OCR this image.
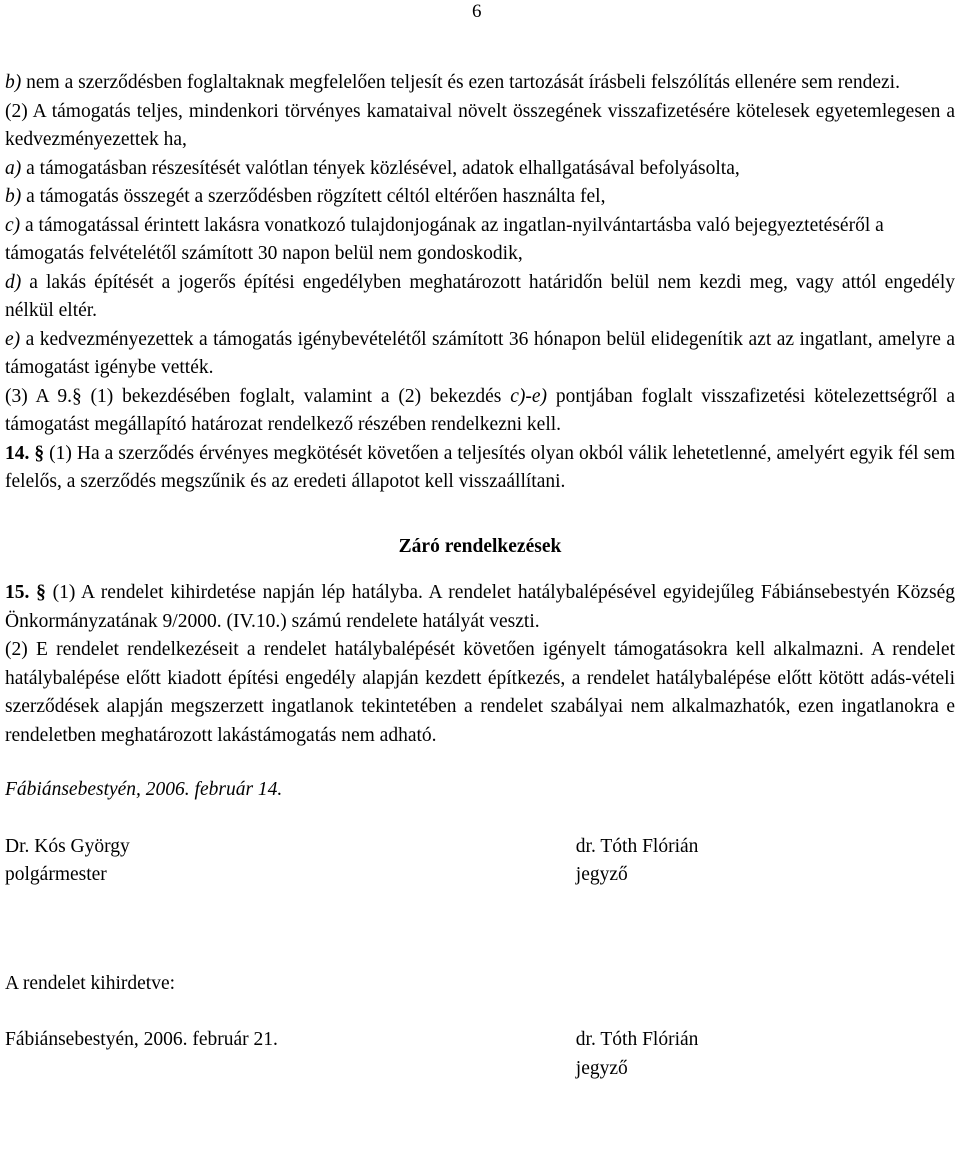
6

b) nem a szerződésben foglaltaknak megfelelően teljesít és ezen tartozását írásbeli felszólítás ellenére sem rendezi.

(2) A támogatás teljes, mindenkori törvényes kamataival növelt összegének visszafizetésére kötelesek egyetemlegesen a kedvezményezettek ha,

a) a támogatásban részesítését valótlan tények közlésével, adatok elhallgatásával befolyásolta,

b) a támogatás összegét a szerződésben rögzített céltól eltérően használta fel,

c) a támogatással érintett lakásra vonatkozó tulajdonjogának az ingatlan-nyilvántartásba való bejegyeztetéséről a támogatás felvételétől számított 30 napon belül nem gondoskodik,

d) a lakás építését a jogerős építési engedélyben meghatározott határidőn belül nem kezdi meg, vagy attól engedély nélkül eltér.

e) a kedvezményezettek a támogatás igénybevételétől számított 36 hónapon belül elidegenítik azt az ingatlant, amelyre a támogatást igénybe vették.

(3) A 9.§ (1) bekezdésében foglalt, valamint a (2) bekezdés c)-e) pontjában foglalt visszafizetési kötelezettségről a támogatást megállapító határozat rendelkező részében rendelkezni kell.

14. § (1) Ha a szerződés érvényes megkötését követően a teljesítés olyan okból válik lehetetlenné, amelyért egyik fél sem felelős, a szerződés megszűnik és az eredeti állapotot kell visszaállítani.

Záró rendelkezések

15. § (1) A rendelet kihirdetése napján lép hatályba. A rendelet hatálybalépésével egyidejűleg Fábiánsebestyén Község Önkormányzatának 9/2000. (IV.10.) számú rendelete hatályát veszti.

(2) E rendelet rendelkezéseit a rendelet hatálybalépését követően igényelt támogatásokra kell alkalmazni. A rendelet hatálybalépése előtt kiadott építési engedély alapján kezdett építkezés, a rendelet hatálybalépése előtt kötött adás-vételi szerződések alapján megszerzett ingatlanok tekintetében a rendelet szabályai nem alkalmazhatók, ezen ingatlanokra e rendeletben meghatározott lakástámogatás nem adható.

Fábiánsebestyén, 2006. február 14.

Dr. Kós György

polgármester

dr. Tóth Flórián

jegyző

A rendelet kihirdetve:

Fábiánsebestyén, 2006. február 21.	dr. Tóth Flórián

jegyző
